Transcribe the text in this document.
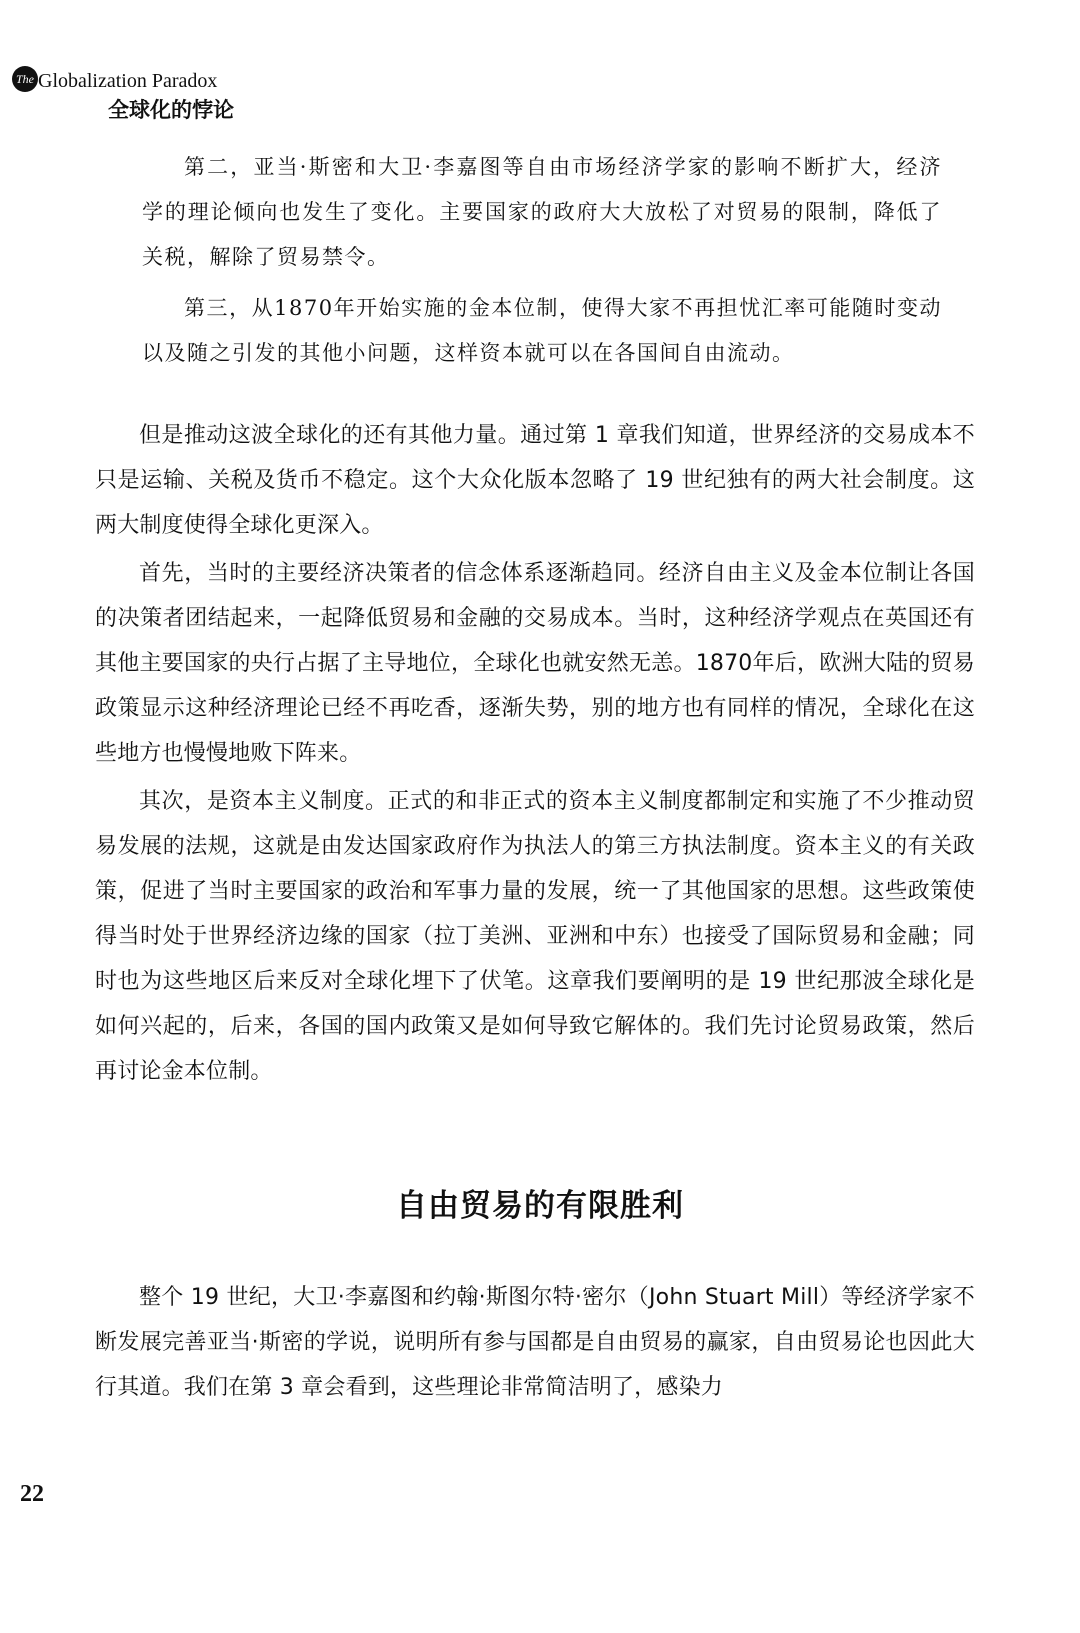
The Globalization Paradox
全球化的悖论

第二，亚当·斯密和大卫·李嘉图等自由市场经济学家的影响不断扩大，经济学的理论倾向也发生了变化。主要国家的政府大大放松了对贸易的限制，降低了关税，解除了贸易禁令。

第三，从1870年开始实施的金本位制，使得大家不再担忧汇率可能随时变动以及随之引发的其他小问题，这样资本就可以在各国间自由流动。

但是推动这波全球化的还有其他力量。通过第 1 章我们知道，世界经济的交易成本不只是运输、关税及货币不稳定。这个大众化版本忽略了 19 世纪独有的两大社会制度。这两大制度使得全球化更深入。

首先，当时的主要经济决策者的信念体系逐渐趋同。经济自由主义及金本位制让各国的决策者团结起来，一起降低贸易和金融的交易成本。当时，这种经济学观点在英国还有其他主要国家的央行占据了主导地位，全球化也就安然无恙。1870年后，欧洲大陆的贸易政策显示这种经济理论已经不再吃香，逐渐失势，别的地方也有同样的情况，全球化在这些地方也慢慢地败下阵来。

其次，是资本主义制度。正式的和非正式的资本主义制度都制定和实施了不少推动贸易发展的法规，这就是由发达国家政府作为执法人的第三方执法制度。资本主义的有关政策，促进了当时主要国家的政治和军事力量的发展，统一了其他国家的思想。这些政策使得当时处于世界经济边缘的国家（拉丁美洲、亚洲和中东）也接受了国际贸易和金融；同时也为这些地区后来反对全球化埋下了伏笔。这章我们要阐明的是 19 世纪那波全球化是如何兴起的，后来，各国的国内政策又是如何导致它解体的。我们先讨论贸易政策，然后再讨论金本位制。

自由贸易的有限胜利

整个 19 世纪，大卫·李嘉图和约翰·斯图尔特·密尔（John Stuart Mill）等经济学家不断发展完善亚当·斯密的学说，说明所有参与国都是自由贸易的赢家，自由贸易论也因此大行其道。我们在第 3 章会看到，这些理论非常简洁明了，感染力

22
